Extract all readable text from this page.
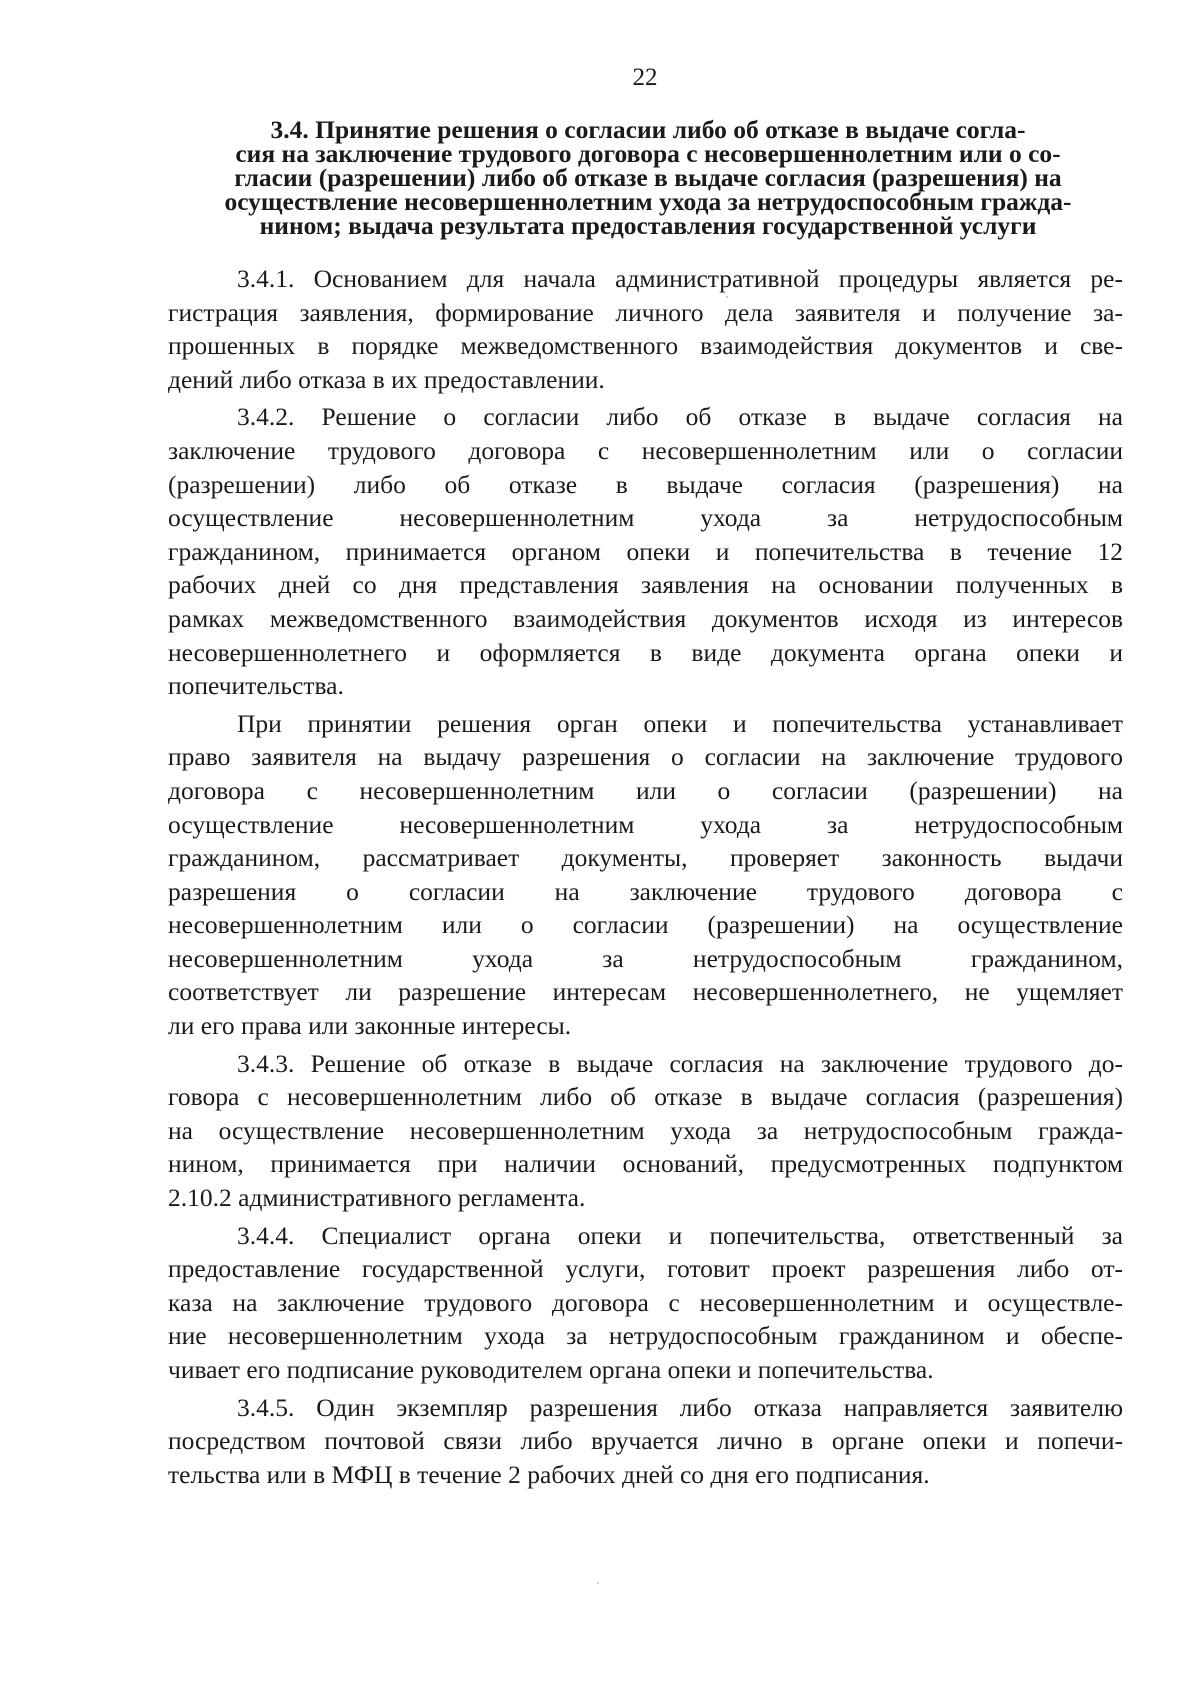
22
3.4. Принятие решения о согласии либо об отказе в выдаче согла-
сия на заключение трудового договора с несовершеннолетним или о со-
гласии (разрешении) либо об отказе в выдаче согласия (разрешения) на
осуществление несовершеннолетним ухода за нетрудоспособным гражда-
нином; выдача результата предоставления государственной услуги

3.4.1. Основанием для начала административной процедуры является ре-
гистрация заявления, формирование личного дела заявителя и получение за-
прошенных в порядке межведомственного взаимодействия документов и све-
дений либо отказа в их предоставлении.

3.4.2. Решение о согласии либо об отказе в выдаче согласия на
заключение трудового договора с несовершеннолетним или о согласии
(разрешении) либо об отказе в выдаче согласия (разрешения) на
осуществление несовершеннолетним ухода за нетрудоспособным
гражданином, принимается органом опеки и попечительства в течение 12
рабочих дней со дня представления заявления на основании полученных в
рамках межведомственного взаимодействия документов исходя из интересов
несовершеннолетнего и оформляется в виде документа органа опеки и
попечительства.

При принятии решения орган опеки и попечительства устанавливает
право заявителя на выдачу разрешения о согласии на заключение трудового
договора с несовершеннолетним или о согласии (разрешении) на
осуществление несовершеннолетним ухода за нетрудоспособным
гражданином, рассматривает документы, проверяет законность выдачи
разрешения о согласии на заключение трудового договора с
несовершеннолетним или о согласии (разрешении) на осуществление
несовершеннолетним ухода за нетрудоспособным гражданином,
соответствует ли разрешение интересам несовершеннолетнего, не ущемляет
ли его права или законные интересы.

3.4.3. Решение об отказе в выдаче согласия на заключение трудового до-
говора с несовершеннолетним либо об отказе в выдаче согласия (разрешения)
на осуществление несовершеннолетним ухода за нетрудоспособным гражда-
нином, принимается при наличии оснований, предусмотренных подпунктом
2.10.2 административного регламента.

3.4.4. Специалист органа опеки и попечительства, ответственный за
предоставление государственной услуги, готовит проект разрешения либо от-
каза на заключение трудового договора с несовершеннолетним и осуществле-
ние несовершеннолетним ухода за нетрудоспособным гражданином и обеспе-
чивает его подписание руководителем органа опеки и попечительства.

3.4.5. Один экземпляр разрешения либо отказа направляется заявителю
посредством почтовой связи либо вручается лично в органе опеки и попечи-
тельства или в МФЦ в течение 2 рабочих дней со дня его подписания.
